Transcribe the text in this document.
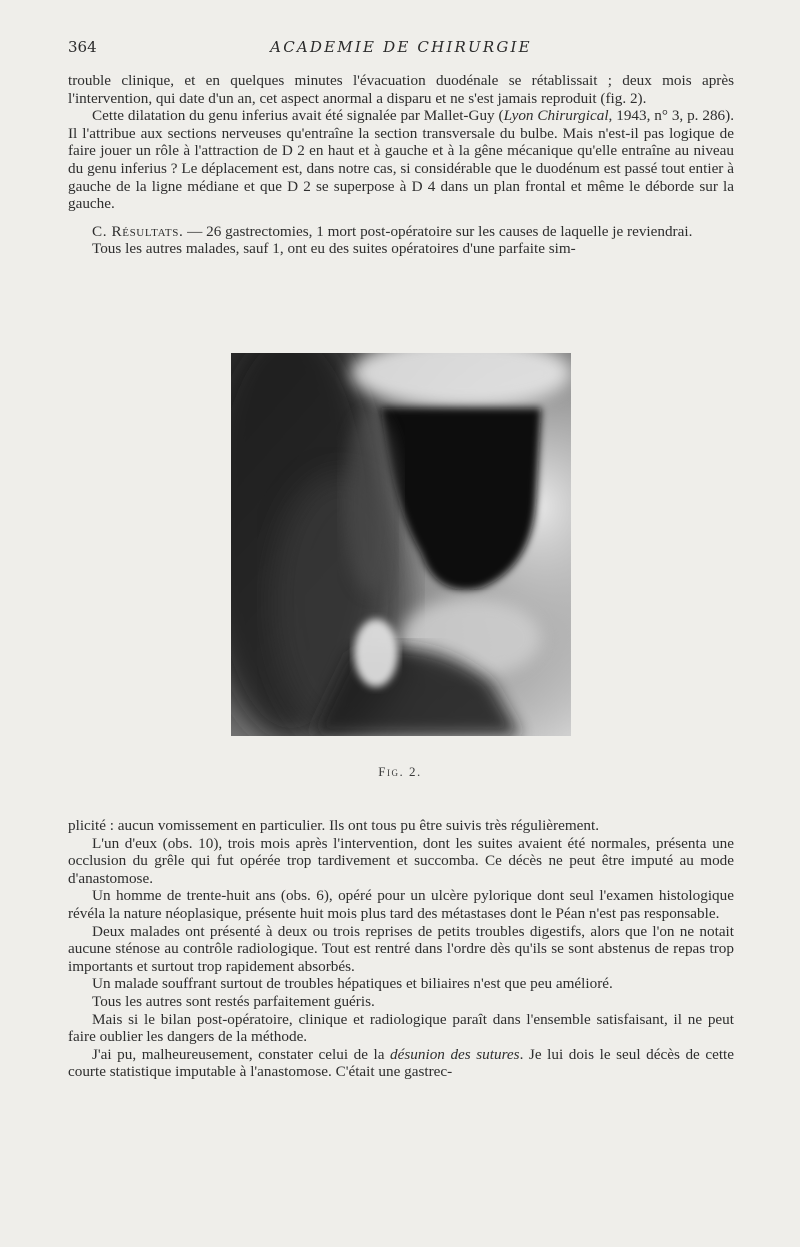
364	ACADEMIE DE CHIRURGIE

trouble clinique, et en quelques minutes l'évacuation duodénale se rétablissait ; deux mois après l'intervention, qui date d'un an, cet aspect anormal a disparu et ne s'est jamais reproduit (fig. 2).

Cette dilatation du genu inferius avait été signalée par Mallet-Guy (Lyon Chirurgical, 1943, n° 3, p. 286). Il l'attribue aux sections nerveuses qu'entraîne la section transversale du bulbe. Mais n'est-il pas logique de faire jouer un rôle à l'attraction de D 2 en haut et à gauche et à la gêne mécanique qu'elle entraîne au niveau du genu inferius ? Le déplacement est, dans notre cas, si considérable que le duodénum est passé tout entier à gauche de la ligne médiane et que D 2 se superpose à D 4 dans un plan frontal et même le déborde sur la gauche.

C. Résultats. — 26 gastrectomies, 1 mort post-opératoire sur les causes de laquelle je reviendrai.

Tous les autres malades, sauf 1, ont eu des suites opératoires d'une parfaite sim-

Fig. 2.

plicité : aucun vomissement en particulier. Ils ont tous pu être suivis très régulièrement.

L'un d'eux (obs. 10), trois mois après l'intervention, dont les suites avaient été normales, présenta une occlusion du grêle qui fut opérée trop tardivement et succomba. Ce décès ne peut être imputé au mode d'anastomose.

Un homme de trente-huit ans (obs. 6), opéré pour un ulcère pylorique dont seul l'examen histologique révéla la nature néoplasique, présente huit mois plus tard des métastases dont le Péan n'est pas responsable.

Deux malades ont présenté à deux ou trois reprises de petits troubles digestifs, alors que l'on ne notait aucune sténose au contrôle radiologique. Tout est rentré dans l'ordre dès qu'ils se sont abstenus de repas trop importants et surtout trop rapidement absorbés.

Un malade souffrant surtout de troubles hépatiques et biliaires n'est que peu amélioré.

Tous les autres sont restés parfaitement guéris.

Mais si le bilan post-opératoire, clinique et radiologique paraît dans l'ensemble satisfaisant, il ne peut faire oublier les dangers de la méthode.

J'ai pu, malheureusement, constater celui de la désunion des sutures. Je lui dois le seul décès de cette courte statistique imputable à l'anastomose. C'était une gastrec-
